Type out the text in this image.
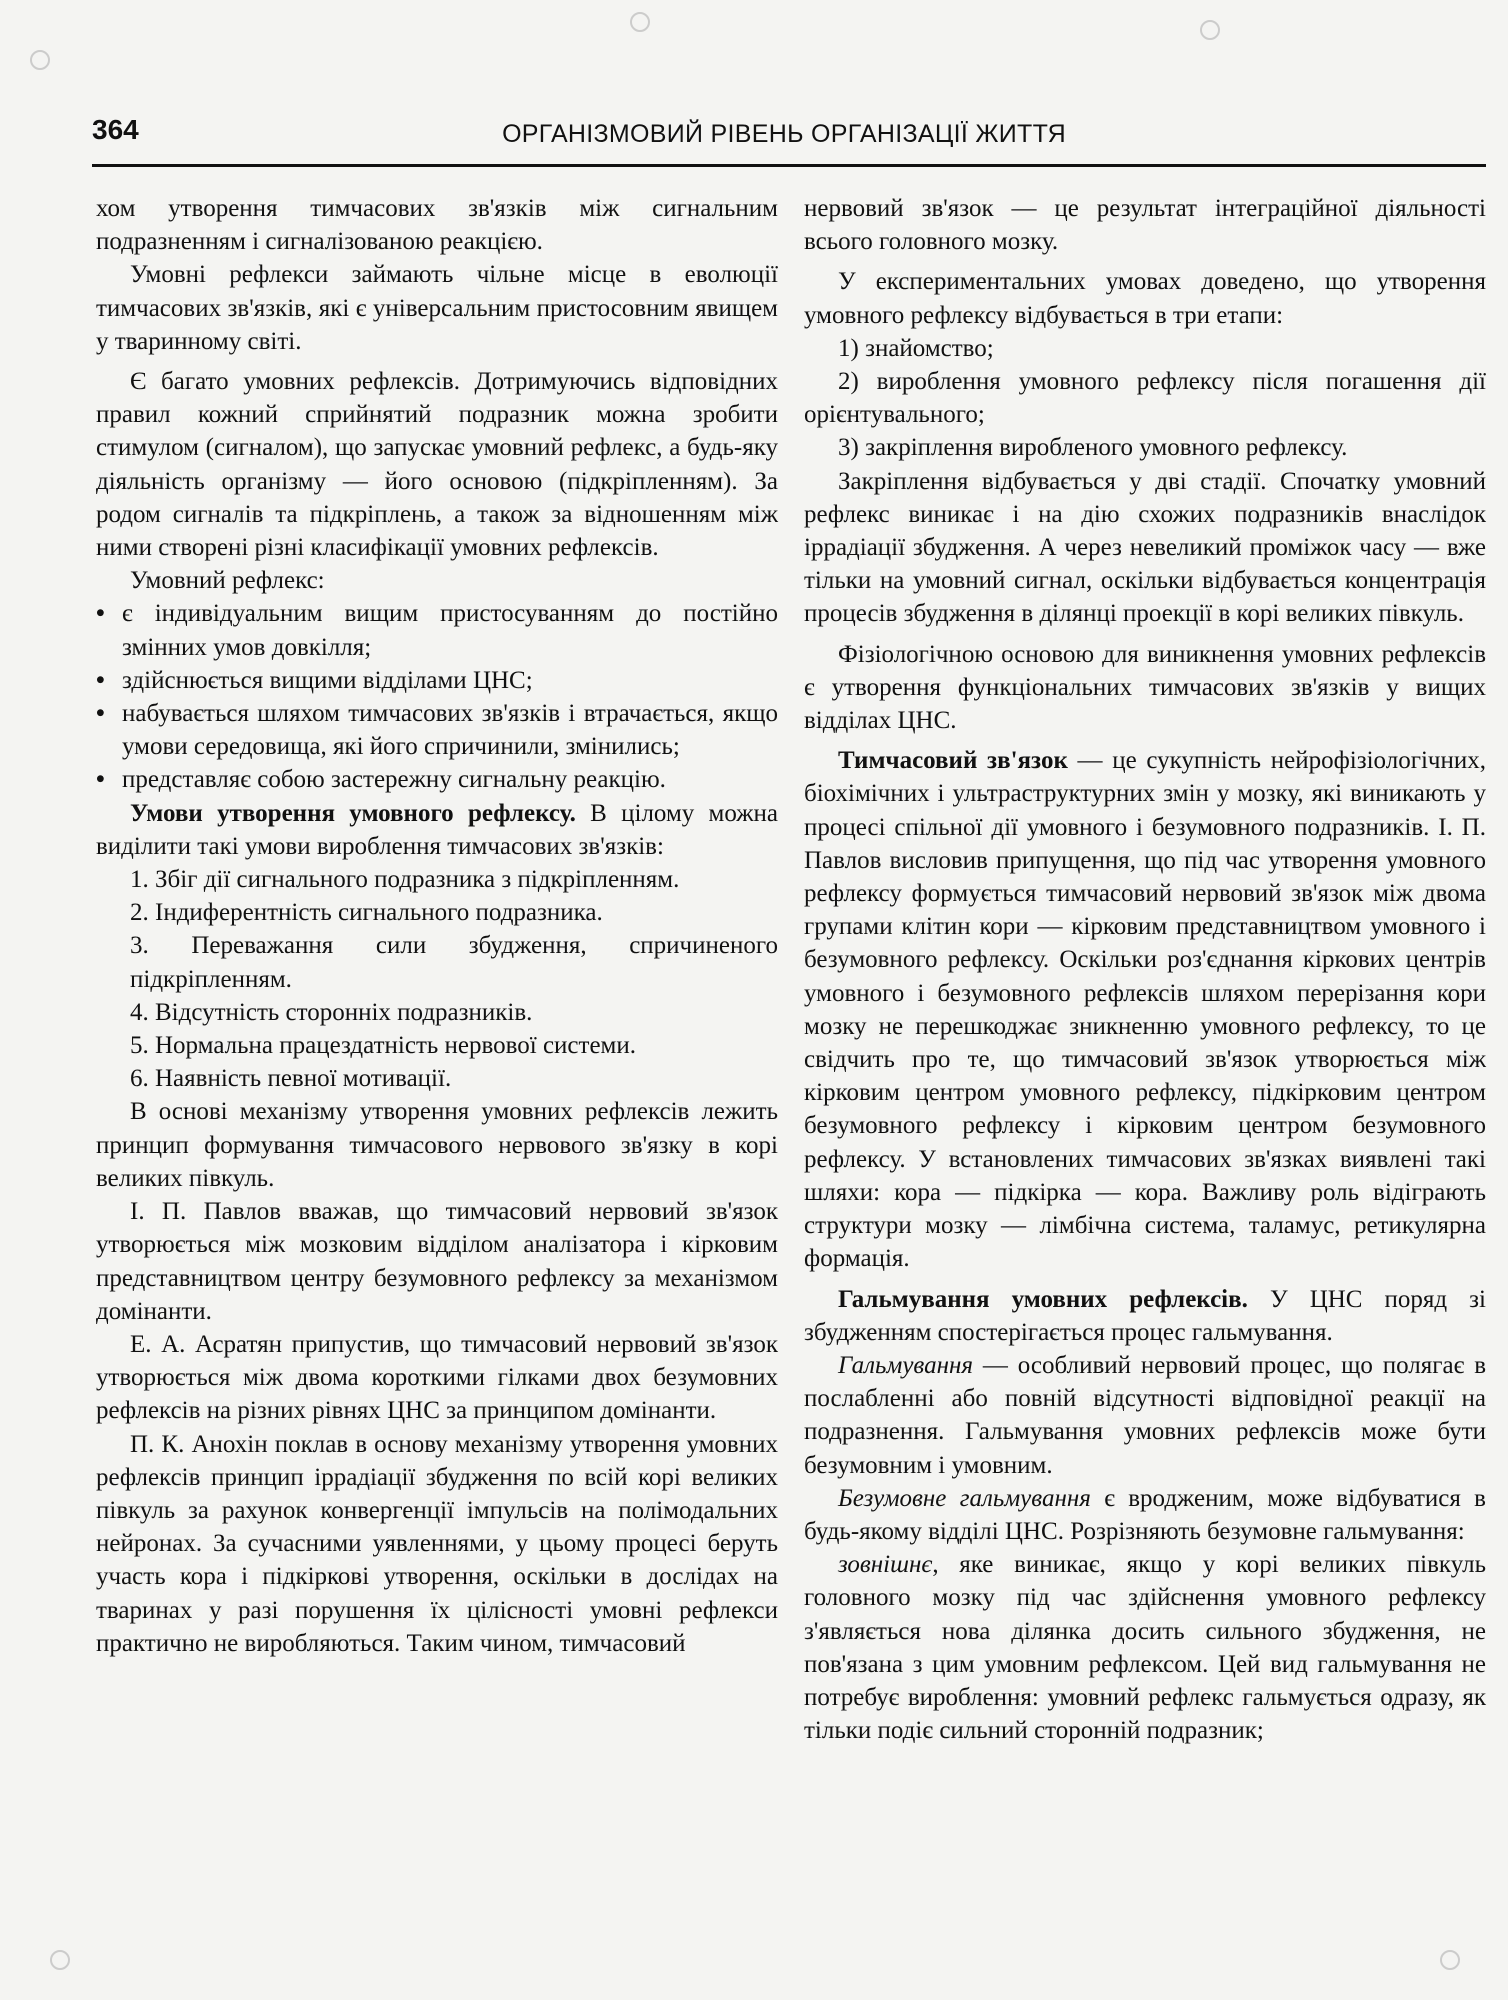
364	ОРГАНІЗМОВИЙ РІВЕНЬ ОРГАНІЗАЦІЇ ЖИТТЯ

хом утворення тимчасових зв'язків між сигнальним подразненням і сигналізованою реакцією.

Умовні рефлекси займають чільне місце в еволюції тимчасових зв'язків, які є універсальним пристосовним явищем у тваринному світі.

Є багато умовних рефлексів. Дотримуючись відповідних правил кожний сприйнятий подразник можна зробити стимулом (сигналом), що запускає умовний рефлекс, а будь-яку діяльність організму — його основою (підкріпленням). За родом сигналів та підкріплень, а також за відношенням між ними створені різні класифікації умовних рефлексів.

Умовний рефлекс:

• є індивідуальним вищим пристосуванням до постійно змінних умов довкілля;

• здійснюється вищими відділами ЦНС;

• набувається шляхом тимчасових зв'язків і втрачається, якщо умови середовища, які його спричинили, змінились;

• представляє собою застережну сигнальну реакцію.

Умови утворення умовного рефлексу. В цілому можна виділити такі умови вироблення тимчасових зв'язків:

1. Збіг дії сигнального подразника з підкріпленням.

2. Індиферентність сигнального подразника.

3. Переважання сили збудження, спричиненого підкріпленням.

4. Відсутність сторонніх подразників.

5. Нормальна працездатність нервової системи.

6. Наявність певної мотивації.

В основі механізму утворення умовних рефлексів лежить принцип формування тимчасового нервового зв'язку в корі великих півкуль.

І. П. Павлов вважав, що тимчасовий нервовий зв'язок утворюється між мозковим відділом аналізатора і кірковим представництвом центру безумовного рефлексу за механізмом домінанти.

Е. А. Асратян припустив, що тимчасовий нервовий зв'язок утворюється між двома короткими гілками двох безумовних рефлексів на різних рівнях ЦНС за принципом домінанти.

П. К. Анохін поклав в основу механізму утворення умовних рефлексів принцип іррадіації збудження по всій корі великих півкуль за рахунок конвергенції імпульсів на полімодальних нейронах. За сучасними уявленнями, у цьому процесі беруть участь кора і підкіркові утворення, оскільки в дослідах на тваринах у разі порушення їх цілісності умовні рефлекси практично не виробляються. Таким чином, тимчасовий

нервовий зв'язок — це результат інтеграційної діяльності всього головного мозку.

У експериментальних умовах доведено, що утворення умовного рефлексу відбувається в три етапи:

1) знайомство;

2) вироблення умовного рефлексу після погашення дії орієнтувального;

3) закріплення виробленого умовного рефлексу.

Закріплення відбувається у дві стадії. Спочатку умовний рефлекс виникає і на дію схожих подразників внаслідок іррадіації збудження. А через невеликий проміжок часу — вже тільки на умовний сигнал, оскільки відбувається концентрація процесів збудження в ділянці проекції в корі великих півкуль.

Фізіологічною основою для виникнення умовних рефлексів є утворення функціональних тимчасових зв'язків у вищих відділах ЦНС.

Тимчасовий зв'язок — це сукупність нейрофізіологічних, біохімічних і ультраструктурних змін у мозку, які виникають у процесі спільної дії умовного і безумовного подразників. І. П. Павлов висловив припущення, що під час утворення умовного рефлексу формується тимчасовий нервовий зв'язок між двома групами клітин кори — кірковим представництвом умовного і безумовного рефлексу. Оскільки роз'єднання кіркових центрів умовного і безумовного рефлексів шляхом перерізання кори мозку не перешкоджає зникненню умовного рефлексу, то це свідчить про те, що тимчасовий зв'язок утворюється між кірковим центром умовного рефлексу, підкірковим центром безумовного рефлексу і кірковим центром безумовного рефлексу. У встановлених тимчасових зв'язках виявлені такі шляхи: кора — підкірка — кора. Важливу роль відіграють структури мозку — лімбічна система, таламус, ретикулярна формація.

Гальмування умовних рефлексів. У ЦНС поряд зі збудженням спостерігається процес гальмування.

Гальмування — особливий нервовий процес, що полягає в послабленні або повній відсутності відповідної реакції на подразнення. Гальмування умовних рефлексів може бути безумовним і умовним.

Безумовне гальмування є вродженим, може відбуватися в будь-якому відділі ЦНС. Розрізняють безумовне гальмування:

зовнішнє, яке виникає, якщо у корі великих півкуль головного мозку під час здійснення умовного рефлексу з'являється нова ділянка досить сильного збудження, не пов'язана з цим умовним рефлексом. Цей вид гальмування не потребує вироблення: умовний рефлекс гальмується одразу, як тільки подіє сильний сторонній подразник;
